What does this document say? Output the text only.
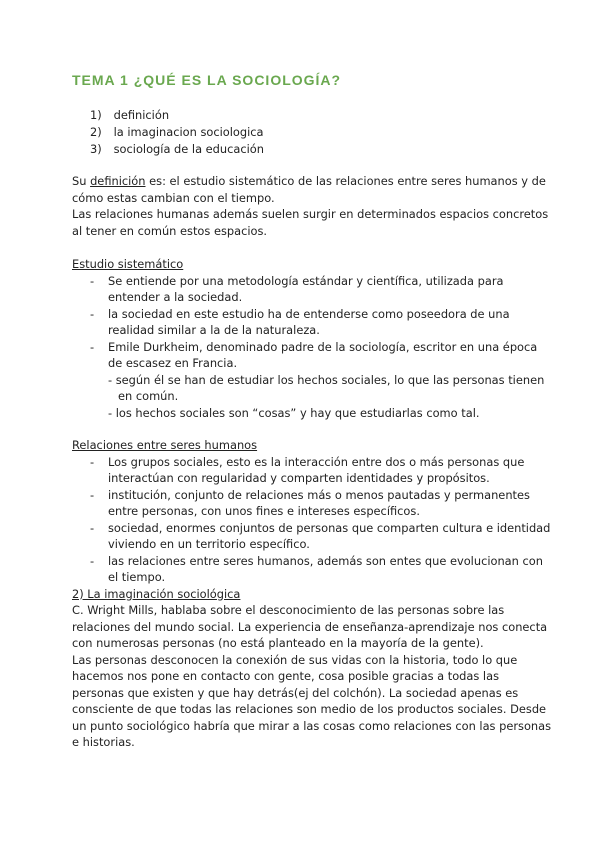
TEMA 1 ¿QUÉ ES LA SOCIOLOGÍA?
1) definición
2) la imaginacion sociologica
3) sociología de la educación
Su definición es: el estudio sistemático de las relaciones entre seres humanos y de
cómo estas cambian con el tiempo.
Las relaciones humanas además suelen surgir en determinados espacios concretos
al tener en común estos espacios.
Estudio sistemático
- Se entiende por una metodología estándar y científica, utilizada para
entender a la sociedad.
- la sociedad en este estudio ha de entenderse como poseedora de una
realidad similar a la de la naturaleza.
- Emile Durkheim, denominado padre de la sociología, escritor en una época
de escasez en Francia.
- según él se han de estudiar los hechos sociales, lo que las personas tienen
en común.
- los hechos sociales son “cosas” y hay que estudiarlas como tal.
Relaciones entre seres humanos
- Los grupos sociales, esto es la interacción entre dos o más personas que
interactúan con regularidad y comparten identidades y propósitos.
- institución, conjunto de relaciones más o menos pautadas y permanentes
entre personas, con unos fines e intereses específicos.
- sociedad, enormes conjuntos de personas que comparten cultura e identidad
viviendo en un territorio específico.
- las relaciones entre seres humanos, además son entes que evolucionan con
el tiempo.
2) La imaginación sociológica
C. Wright Mills, hablaba sobre el desconocimiento de las personas sobre las
relaciones del mundo social. La experiencia de enseñanza-aprendizaje nos conecta
con numerosas personas (no está planteado en la mayoría de la gente).
Las personas desconocen la conexión de sus vidas con la historia, todo lo que
hacemos nos pone en contacto con gente, cosa posible gracias a todas las
personas que existen y que hay detrás(ej del colchón). La sociedad apenas es
consciente de que todas las relaciones son medio de los productos sociales. Desde
un punto sociológico habría que mirar a las cosas como relaciones con las personas
e historias.
